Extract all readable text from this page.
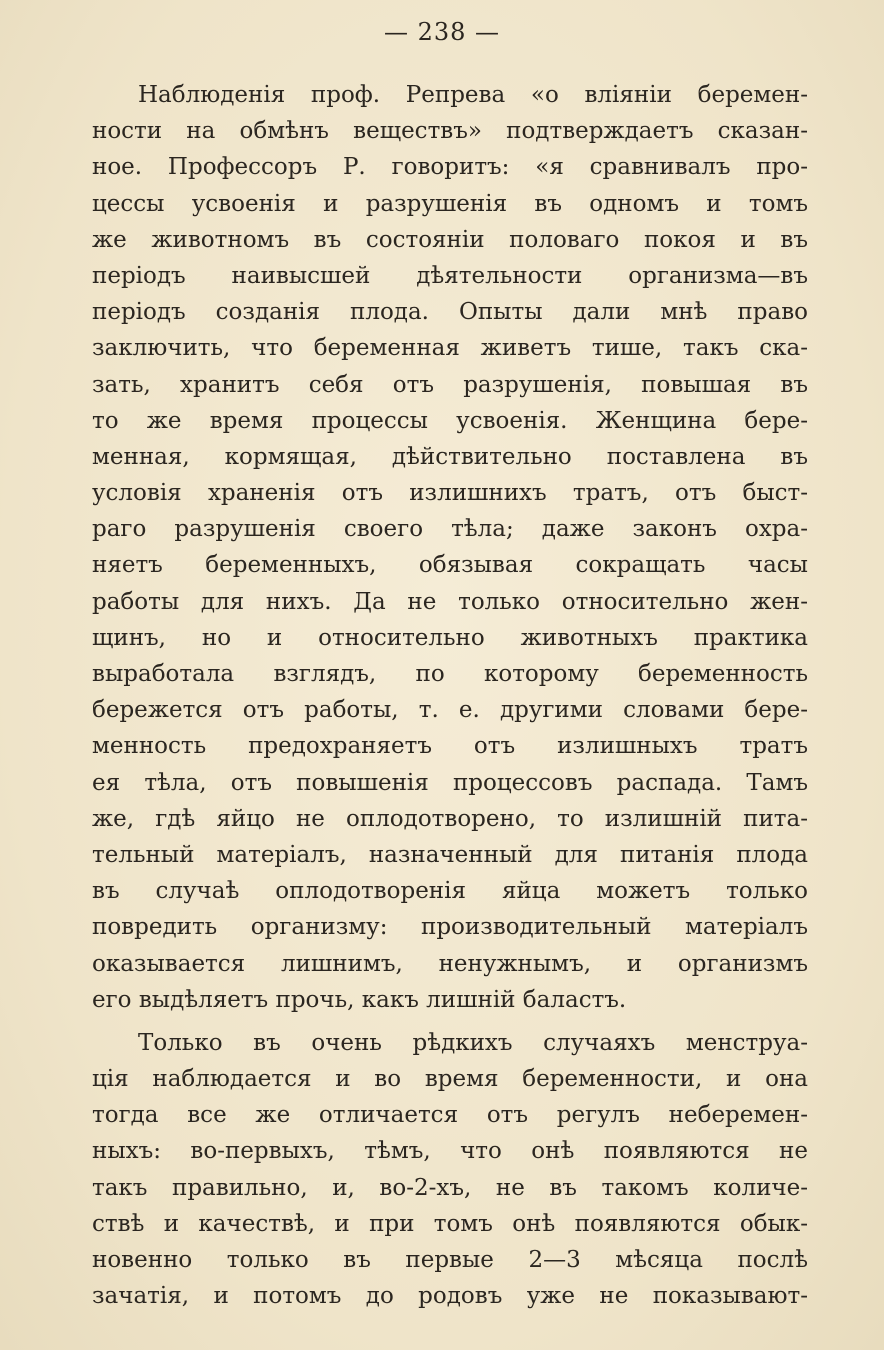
— 238 —
Наблюденія проф. Репрева «о вліяніи беремен-
ности на обмѣнъ веществъ» подтверждаетъ сказан-
ное. Профессоръ Р. говоритъ: «я сравнивалъ про-
цессы усвоенія и разрушенія въ одномъ и томъ
же животномъ въ состояніи половаго покоя и въ
періодъ наивысшей дѣятельности организма—въ
періодъ созданія плода. Опыты дали мнѣ право
заключить, что беременная живетъ тише, такъ ска-
зать, хранитъ себя отъ разрушенія, повышая въ
то же время процессы усвоенія. Женщина бере-
менная, кормящая, дѣйствительно поставлена въ
условія храненія отъ излишнихъ тратъ, отъ быст-
раго разрушенія своего тѣла; даже законъ охра-
няетъ беременныхъ, обязывая сокращать часы
работы для нихъ. Да не только относительно жен-
щинъ, но и относительно животныхъ практика
выработала взглядъ, по которому беременность
бережется отъ работы, т. е. другими словами бере-
менность предохраняетъ отъ излишныхъ тратъ
ея тѣла, отъ повышенія процессовъ распада. Тамъ
же, гдѣ яйцо не оплодотворено, то излишній пита-
тельный матеріалъ, назначенный для питанія плода
въ случаѣ оплодотворенія яйца можетъ только
повредить организму: производительный матеріалъ
оказывается лишнимъ, ненужнымъ, и организмъ
его выдѣляетъ прочь, какъ лишній баластъ.
Только въ очень рѣдкихъ случаяхъ менструа-
ція наблюдается и во время беременности, и она
тогда все же отличается отъ регулъ неберемен-
ныхъ: во-первыхъ, тѣмъ, что онѣ появляются не
такъ правильно, и, во-2-хъ, не въ такомъ количе-
ствѣ и качествѣ, и при томъ онѣ появляются обык-
новенно только въ первые 2—3 мѣсяца послѣ
зачатія, и потомъ до родовъ уже не показывают-
